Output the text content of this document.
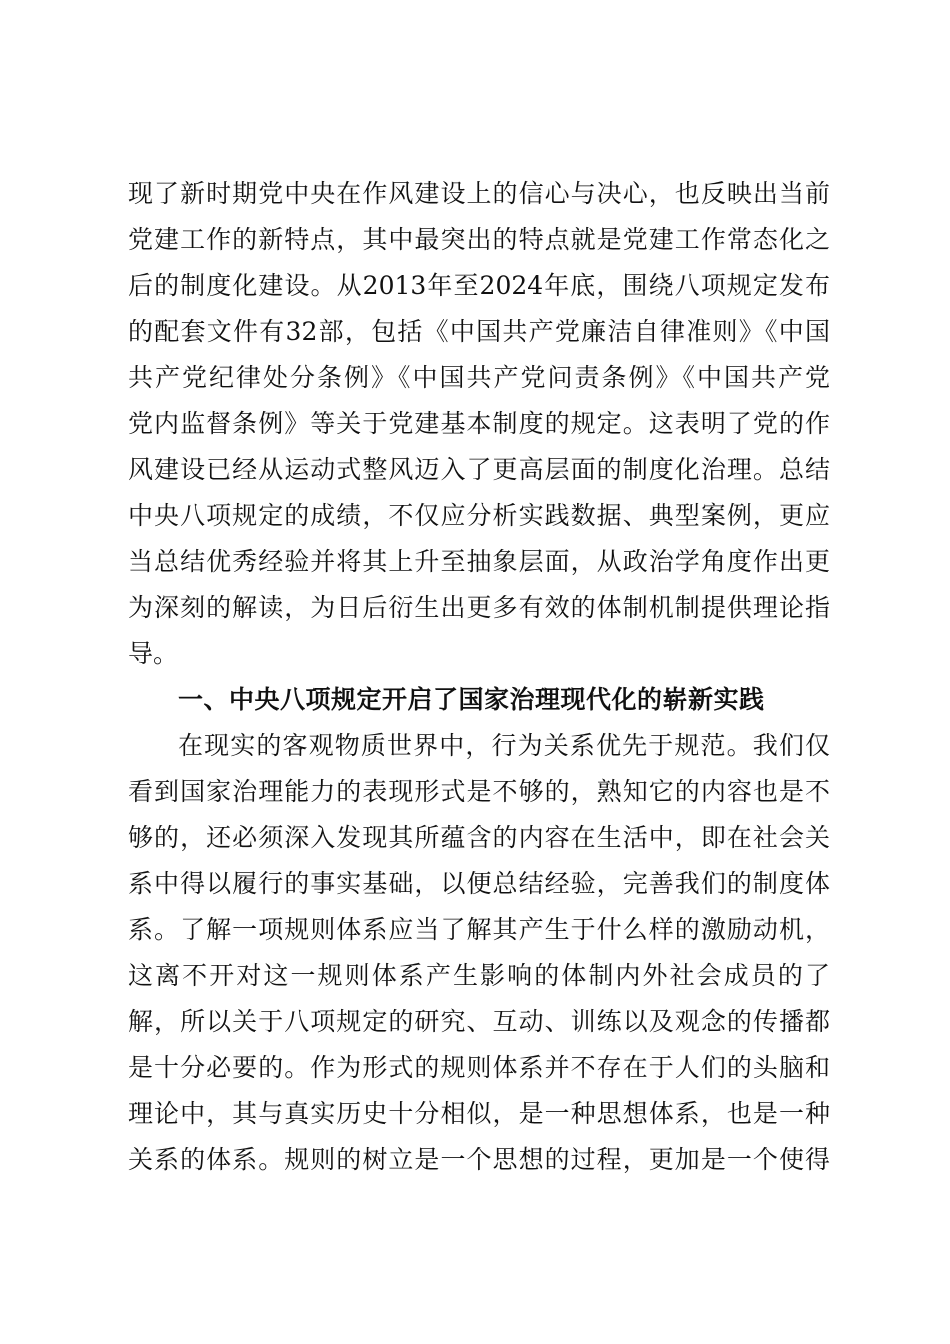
现了新时期党中央在作风建设上的信心与决心，也反映出当前
党建工作的新特点，其中最突出的特点就是党建工作常态化之
后的制度化建设。从2013年至2024年底，围绕八项规定发布
的配套文件有32部，包括《中国共产党廉洁自律准则》《中国
共产党纪律处分条例》《中国共产党问责条例》《中国共产党
党内监督条例》等关于党建基本制度的规定。这表明了党的作
风建设已经从运动式整风迈入了更高层面的制度化治理。总结
中央八项规定的成绩，不仅应分析实践数据、典型案例，更应
当总结优秀经验并将其上升至抽象层面，从政治学角度作出更
为深刻的解读，为日后衍生出更多有效的体制机制提供理论指
导。
一、中央八项规定开启了国家治理现代化的崭新实践
在现实的客观物质世界中，行为关系优先于规范。我们仅
看到国家治理能力的表现形式是不够的，熟知它的内容也是不
够的，还必须深入发现其所蕴含的内容在生活中，即在社会关
系中得以履行的事实基础，以便总结经验，完善我们的制度体
系。了解一项规则体系应当了解其产生于什么样的激励动机，
这离不开对这一规则体系产生影响的体制内外社会成员的了
解，所以关于八项规定的研究、互动、训练以及观念的传播都
是十分必要的。作为形式的规则体系并不存在于人们的头脑和
理论中，其与真实历史十分相似，是一种思想体系，也是一种
关系的体系。规则的树立是一个思想的过程，更加是一个使得
